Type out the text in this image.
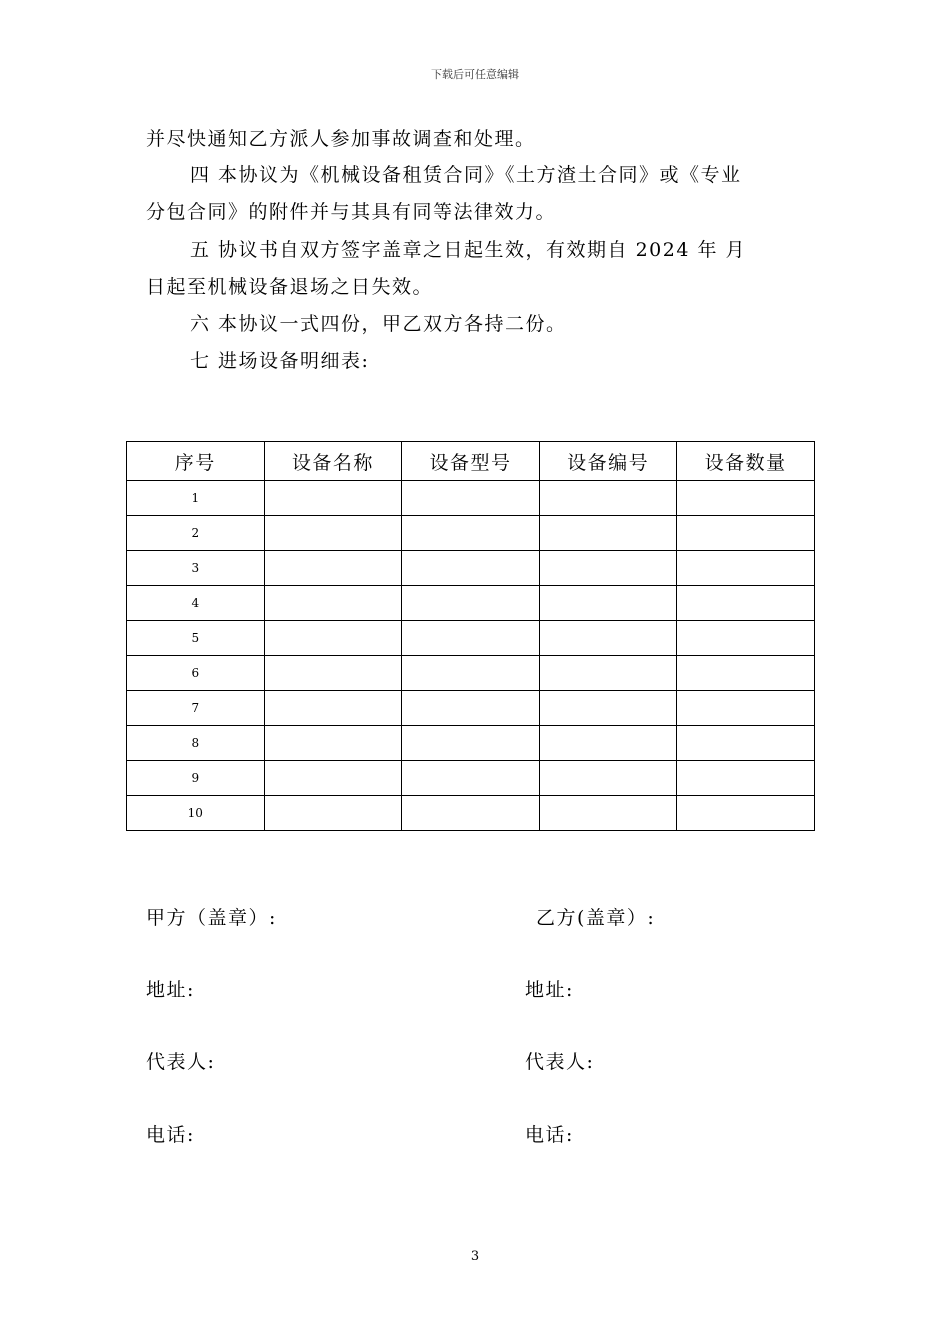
下载后可任意编辑
并尽快通知乙方派人参加事故调查和处理。
四 本协议为《机械设备租赁合同》《土方渣土合同》或《专业
分包合同》的附件并与其具有同等法律效力。
五 协议书自双方签字盖章之日起生效，有效期自 2024 年 月
日起至机械设备退场之日失效。
六 本协议一式四份，甲乙双方各持二份。
七 进场设备明细表:
序号	设备名称	设备型号	设备编号	设备数量
1				
2				
3				
4				
5				
6				
7				
8				
9				
10				
甲方（盖章）:	乙方(盖章）:
地址:	地址:
代表人:	代表人:
电话:	电话:
3
